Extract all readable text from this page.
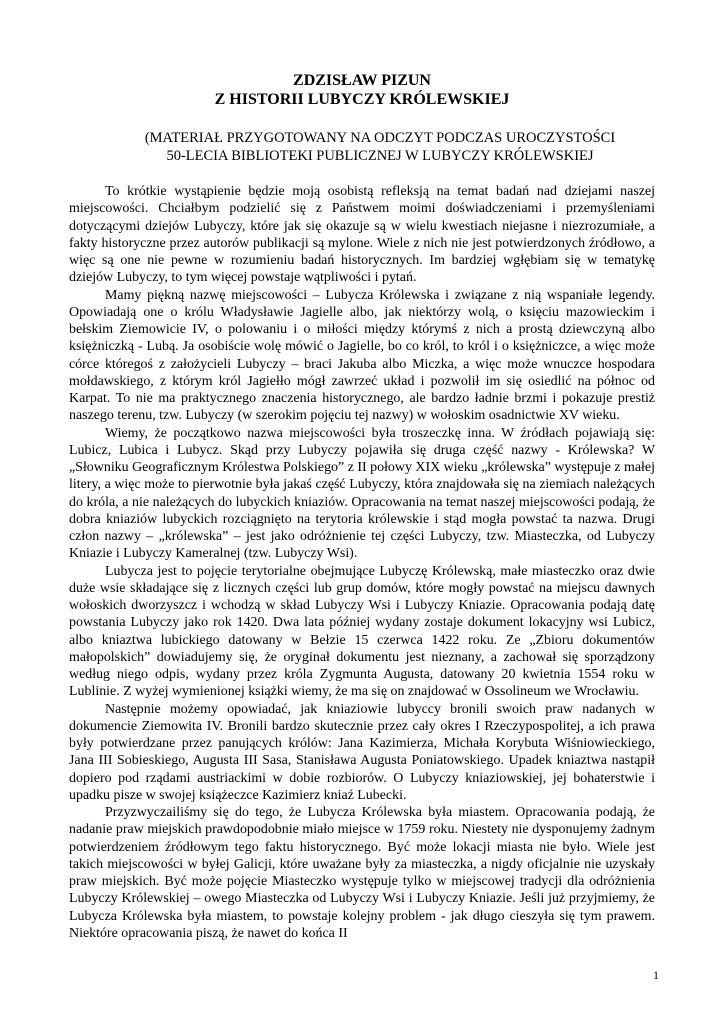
ZDZISŁAW PIZUN
Z HISTORII LUBYCZY KRÓLEWSKIEJ

(MATERIAŁ PRZYGOTOWANY NA ODCZYT PODCZAS UROCZYSTOŚCI

50-LECIA BIBLIOTEKI PUBLICZNEJ W LUBYCZY KRÓLEWSKIEJ

To krótkie wystąpienie będzie moją osobistą refleksją na temat badań nad dziejami naszej miejscowości. Chciałbym podzielić się z Państwem moimi doświadczeniami i przemyśleniami dotyczącymi dziejów Lubyczy, które jak się okazuje są w wielu kwestiach niejasne i niezrozumiałe, a fakty historyczne przez autorów publikacji są mylone. Wiele z nich nie jest potwierdzonych źródłowo, a więc są one nie pewne w rozumieniu badań historycznych. Im bardziej wgłębiam się w tematykę dziejów Lubyczy, to tym więcej powstaje wątpliwości i pytań.

Mamy piękną nazwę miejscowości – Lubycza Królewska i związane z nią wspaniałe legendy. Opowiadają one o królu Władysławie Jagielle albo, jak niektórzy wolą, o księciu mazowieckim i bełskim Ziemowicie IV, o polowaniu i o miłości między którymś z nich a prostą dziewczyną albo księżniczką - Lubą. Ja osobiście wolę mówić o Jagielle, bo co król, to król i o księżniczce, a więc może córce któregoś z założycieli Lubyczy – braci Jakuba albo Miczka, a więc może wnuczce hospodara mołdawskiego, z którym król Jagiełło mógł zawrzeć układ i pozwolił im się osiedlić na północ od Karpat. To nie ma praktycznego znaczenia historycznego, ale bardzo ładnie brzmi i pokazuje prestiż naszego terenu, tzw. Lubyczy (w szerokim pojęciu tej nazwy) w wołoskim osadnictwie XV wieku.

Wiemy, że początkowo nazwa miejscowości była troszeczkę inna. W źródłach pojawiają się: Lubicz, Lubica i Lubycz. Skąd przy Lubyczy pojawiła się druga część nazwy - Królewska? W „Słowniku Geograficznym Królestwa Polskiego” z II połowy XIX wieku „królewska” występuje z małej litery, a więc może to pierwotnie była jakaś część Lubyczy, która znajdowała się na ziemiach należących do króla, a nie należących do lubyckich kniaziów. Opracowania na temat naszej miejscowości podają, że dobra kniaziów lubyckich rozciągnięto na terytoria królewskie i stąd mogła powstać ta nazwa. Drugi człon nazwy – „królewska” – jest jako odróżnienie tej części Lubyczy, tzw. Miasteczka, od Lubyczy Kniazie i Lubyczy Kameralnej (tzw. Lubyczy Wsi).

Lubycza jest to pojęcie terytorialne obejmujące Lubyczę Królewską, małe miasteczko oraz dwie duże wsie składające się z licznych części lub grup domów, które mogły powstać na miejscu dawnych wołoskich dworzyszcz i wchodzą w skład Lubyczy Wsi i Lubyczy Kniazie. Opracowania podają datę powstania Lubyczy jako rok 1420. Dwa lata później wydany zostaje dokument lokacyjny wsi Lubicz, albo kniaztwa lubickiego datowany w Bełzie 15 czerwca 1422 roku. Ze „Zbioru dokumentów małopolskich” dowiadujemy się, że oryginał dokumentu jest nieznany, a zachował się sporządzony według niego odpis, wydany przez króla Zygmunta Augusta, datowany 20 kwietnia 1554 roku w Lublinie. Z wyżej wymienionej książki wiemy, że ma się on znajdować w Ossolineum we Wrocławiu.

Następnie możemy opowiadać, jak kniaziowie lubyccy bronili swoich praw nadanych w dokumencie Ziemowita IV. Bronili bardzo skutecznie przez cały okres I Rzeczypospolitej, a ich prawa były potwierdzane przez panujących królów: Jana Kazimierza, Michała Korybuta Wiśniowieckiego, Jana III Sobieskiego, Augusta III Sasa, Stanisława Augusta Poniatowskiego. Upadek kniaztwa nastąpił dopiero pod rządami austriackimi w dobie rozbiorów. O Lubyczy kniaziowskiej, jej bohaterstwie i upadku pisze w swojej książeczce Kazimierz kniaź Lubecki.

Przyzwyczailiśmy się do tego, że Lubycza Królewska była miastem. Opracowania podają, że nadanie praw miejskich prawdopodobnie miało miejsce w 1759 roku. Niestety nie dysponujemy żadnym potwierdzeniem źródłowym tego faktu historycznego. Być może lokacji miasta nie było. Wiele jest takich miejscowości w byłej Galicji, które uważane były za miasteczka, a nigdy oficjalnie nie uzyskały praw miejskich. Być może pojęcie Miasteczko występuje tylko w miejscowej tradycji dla odróżnienia Lubyczy Królewskiej – owego Miasteczka od Lubyczy Wsi i Lubyczy Kniazie. Jeśli już przyjmiemy, że Lubycza Królewska była miastem, to powstaje kolejny problem - jak długo cieszyła się tym prawem. Niektóre opracowania piszą, że nawet do końca II

1
